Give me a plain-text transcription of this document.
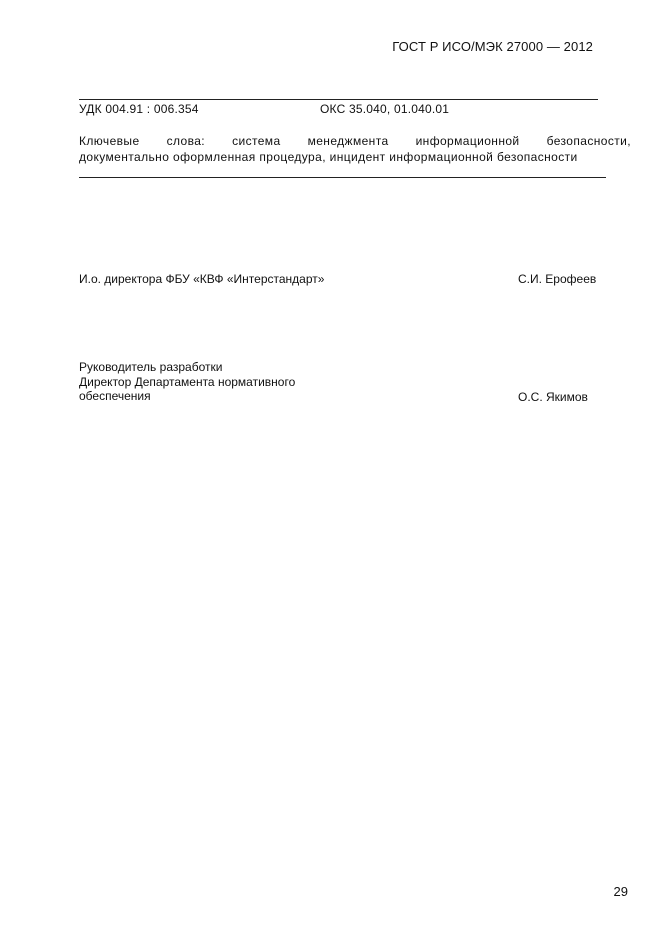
ГОСТ Р ИСО/МЭК 27000 — 2012
УДК 004.91 : 006.354	ОКС 35.040, 01.040.01
Ключевые слова: система менеджмента информационной безопасности,
документально оформленная процедура, инцидент информационной безопасности
И.о. директора ФБУ «КВФ «Интерстандарт»	С.И. Ерофеев
Руководитель разработки
Директор Департамента нормативного
обеспечения	О.С. Якимов
29
